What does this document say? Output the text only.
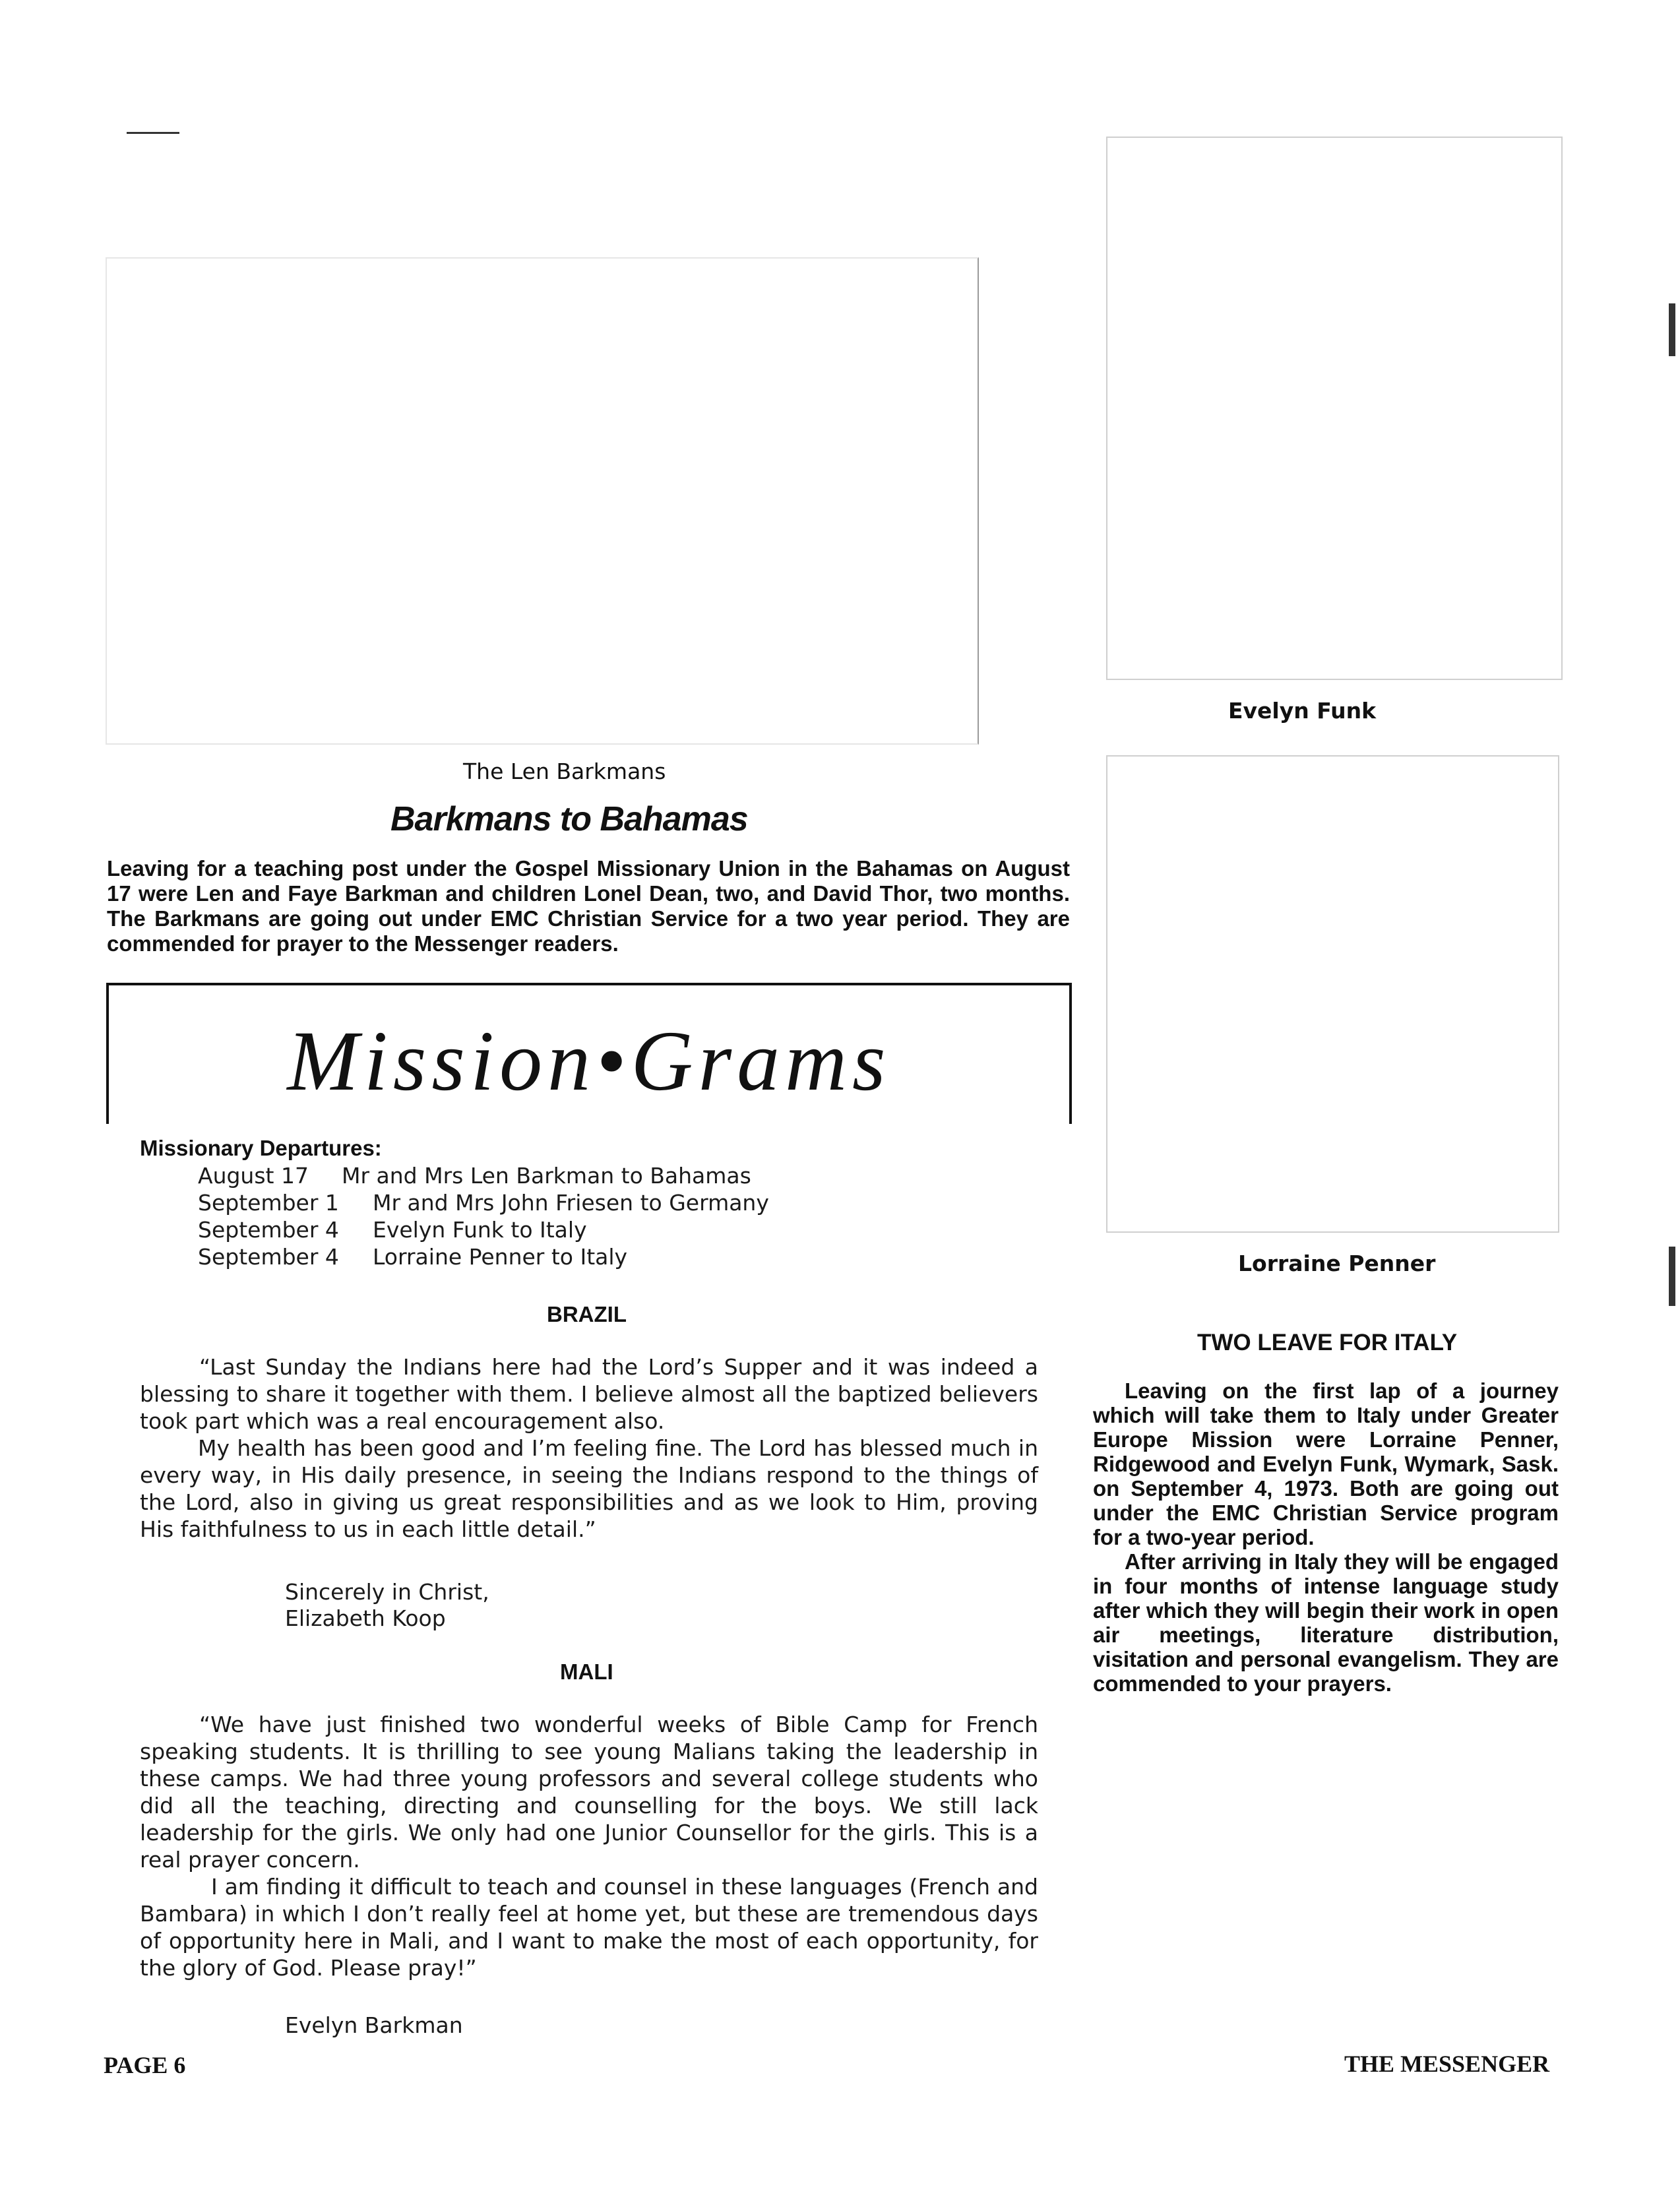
The Len Barkmans
Evelyn Funk
Lorraine Penner
Barkmans to Bahamas
Leaving for a teaching post under the Gospel Missionary Union in the Bahamas on August 17 were Len and Faye Barkman and children Lonel Dean, two, and David Thor, two months. The Barkmans are going out under EMC Christian Service for a two year period. They are commended for prayer to the Messenger readers.
Mission•Grams
Missionary Departures:
August 17	Mr and Mrs Len Barkman to Bahamas
September 1	Mr and Mrs John Friesen to Germany
September 4	Evelyn Funk to Italy
September 4	Lorraine Penner to Italy
BRAZIL

“Last Sunday the Indians here had the Lord’s Supper and it was indeed a blessing to share it together with them. I believe almost all the baptized believers took part which was a real encouragement also.

My health has been good and I’m feeling fine. The Lord has blessed much in every way, in His daily presence, in seeing the Indians respond to the things of the Lord, also in giving us great responsibilities and as we look to Him, proving His faithfulness to us in each little detail.”

Sincerely in Christ,
Elizabeth Koop
MALI

“We have just finished two wonderful weeks of Bible Camp for French speaking students. It is thrilling to see young Malians taking the leadership in these camps. We had three young professors and several college students who did all the teaching, directing and counselling for the boys. We still lack leadership for the girls. We only had one Junior Counsellor for the girls. This is a real prayer concern.

I am finding it difficult to teach and counsel in these languages (French and Bambara) in which I don’t really feel at home yet, but these are tremendous days of opportunity here in Mali, and I want to make the most of each opportunity, for the glory of God. Please pray!”

Evelyn Barkman
TWO LEAVE FOR ITALY

Leaving on the first lap of a journey which will take them to Italy under Greater Europe Mission were Lorraine Penner, Ridgewood and Evelyn Funk, Wymark, Sask. on September 4, 1973. Both are going out under the EMC Christian Service program for a two-year period.

After arriving in Italy they will be engaged in four months of intense language study after which they will begin their work in open air meetings, literature distribution, visitation and personal evangelism. They are commended to your prayers.

PAGE 6	THE MESSENGER
